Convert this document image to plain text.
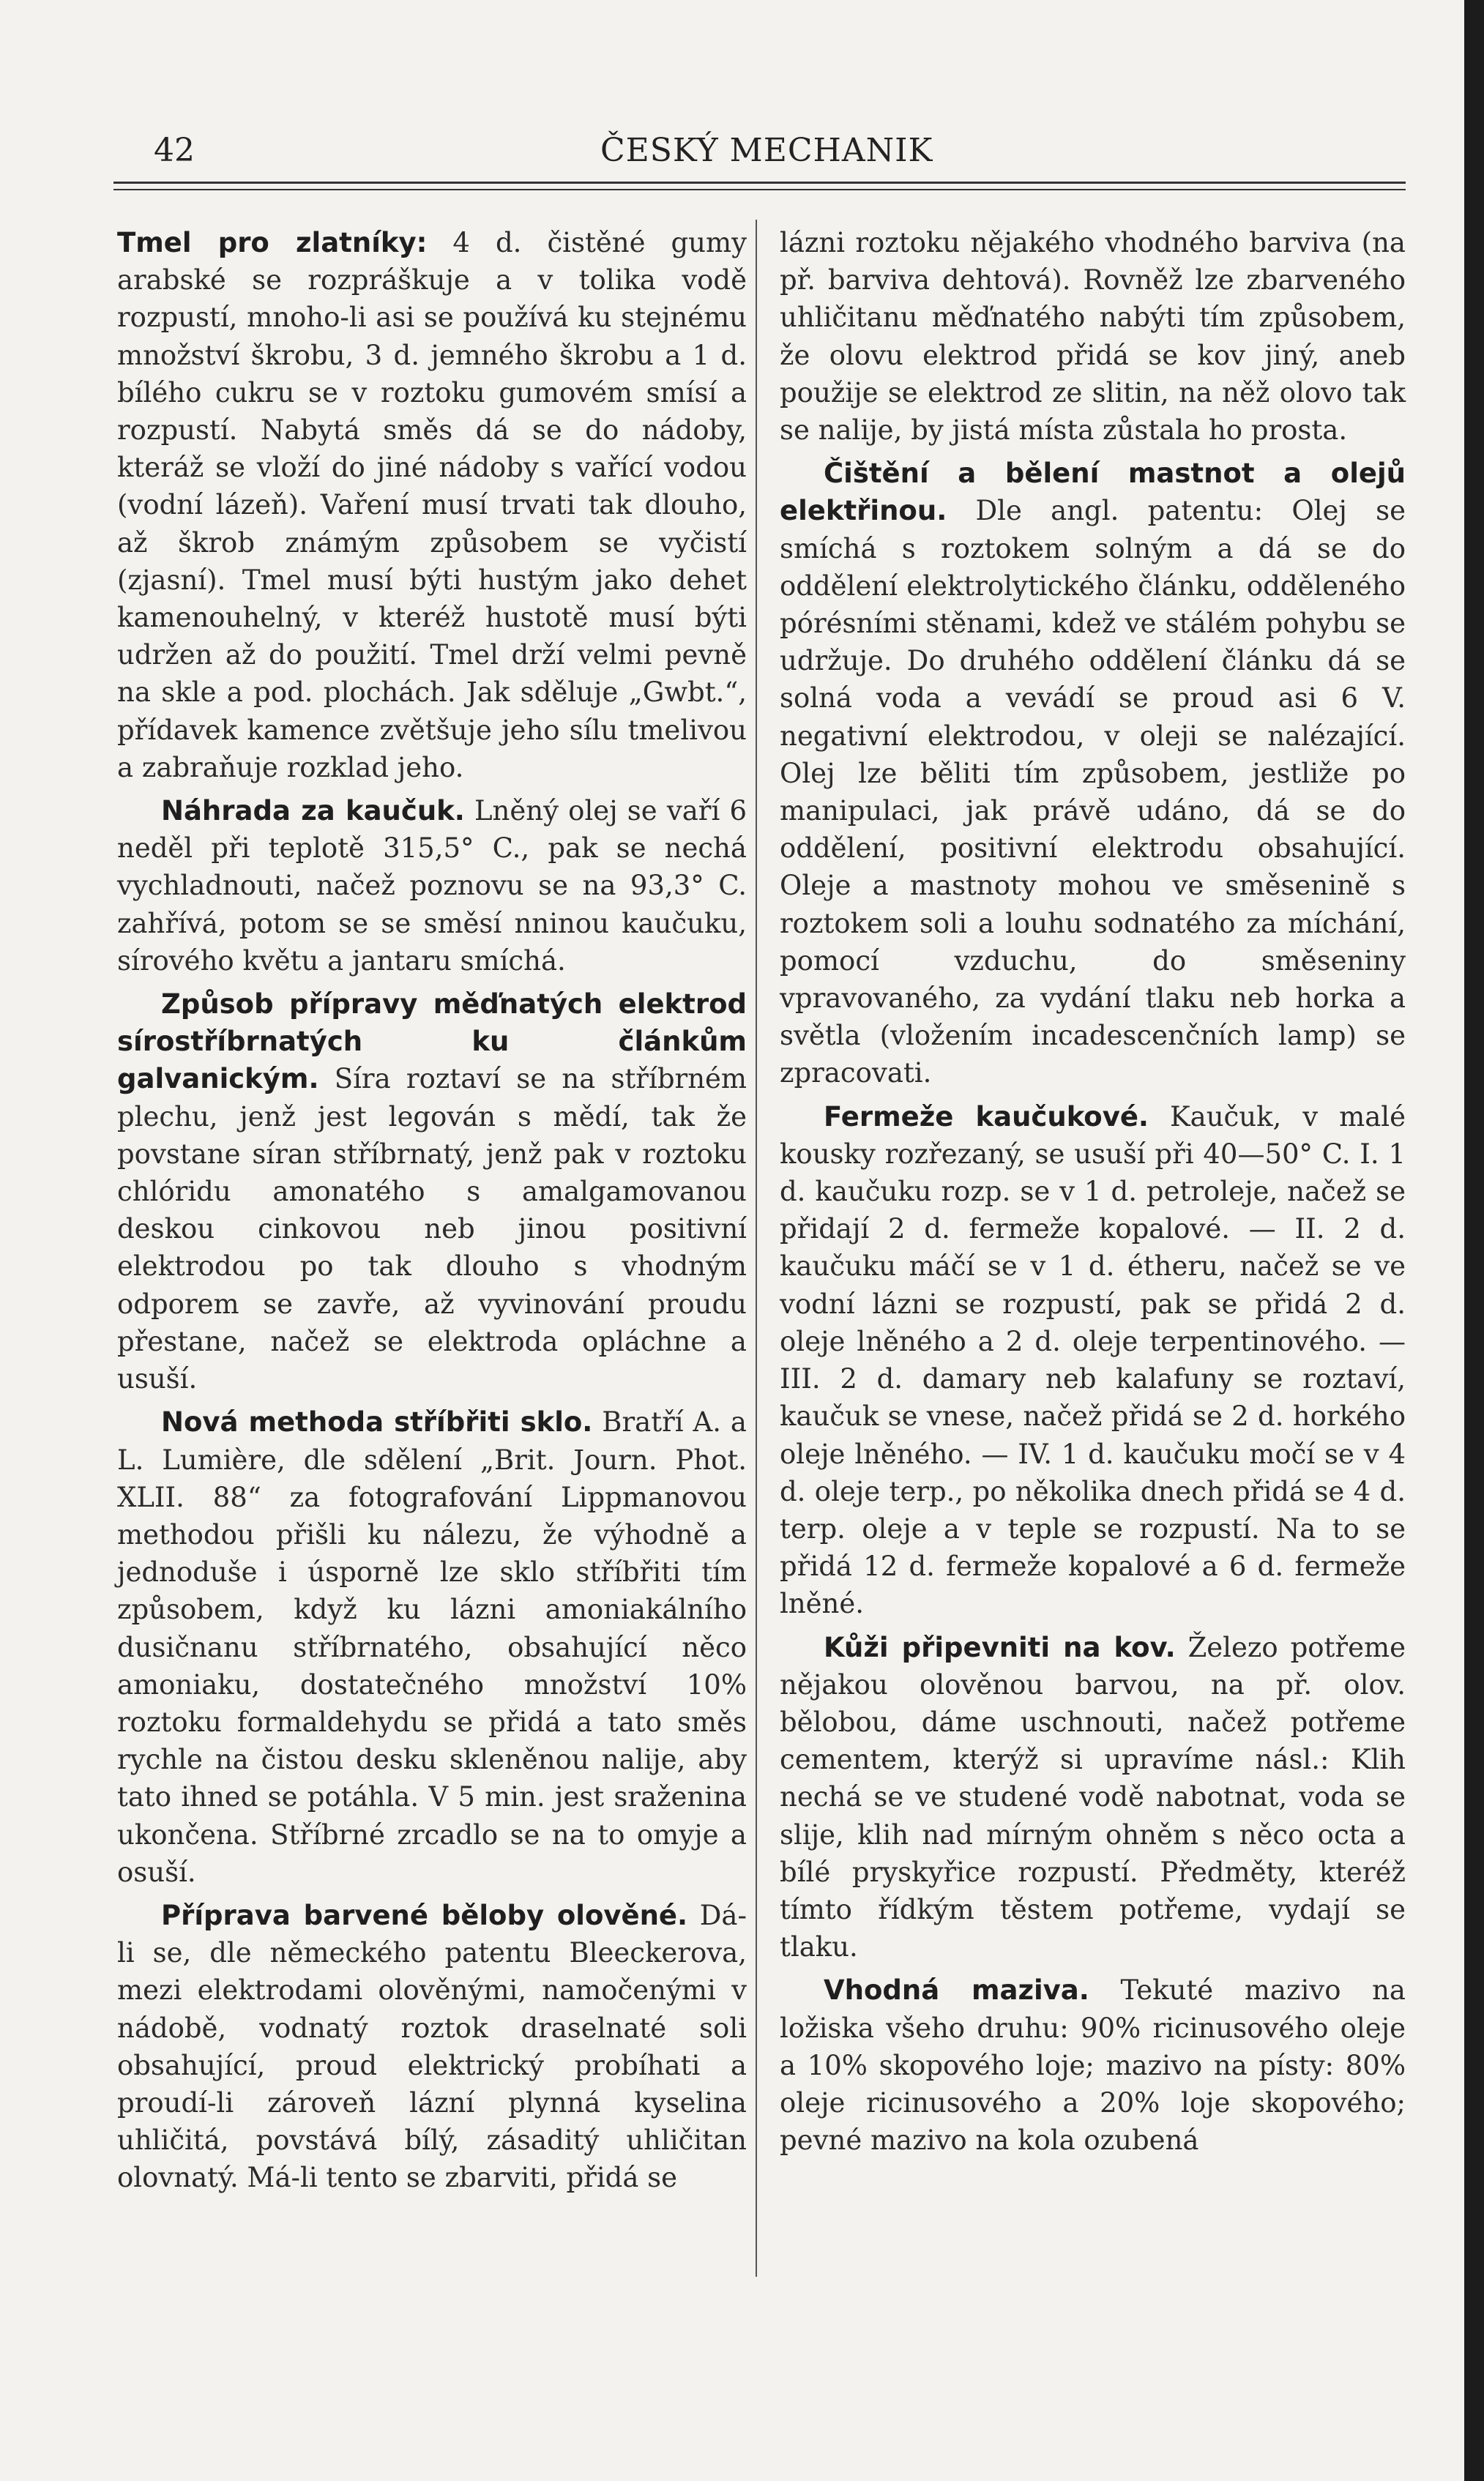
42	ČESKÝ MECHANIK

Tmel pro zlatníky: 4 d. čistěné gumy arabské se rozpráškuje a v tolika vodě rozpustí, mnoho-li asi se používá ku stejnému množství škrobu, 3 d. jemného škrobu a 1 d. bílého cukru se v roztoku gumovém smísí a rozpustí. Nabytá směs dá se do nádoby, kteráž se vloží do jiné nádoby s vařící vodou (vodní lázeň). Vaření musí trvati tak dlouho, až škrob známým způsobem se vyčistí (zjasní). Tmel musí býti hustým jako dehet kamenouhelný, v kteréž hustotě musí býti udržen až do použití. Tmel drží velmi pevně na skle a pod. plochách. Jak sděluje „Gwbt.“, přídavek kamence zvětšuje jeho sílu tmelivou a zabraňuje rozklad jeho.

Náhrada za kaučuk. Lněný olej se vaří 6 neděl při teplotě 315,5° C., pak se nechá vychladnouti, načež poznovu se na 93,3° C. zahřívá, potom se se směsí nninou kaučuku, sírového květu a jantaru smíchá.

Způsob přípravy měďnatých elektrod sírostříbrnatých ku článkům galvanickým. Síra roztaví se na stříbrném plechu, jenž jest legován s mědí, tak že povstane síran stříbrnatý, jenž pak v roztoku chlóridu amonatého s amalgamovanou deskou cinkovou neb jinou positivní elektrodou po tak dlouho s vhodným odporem se zavře, až vyvinování proudu přestane, načež se elektroda opláchne a usuší.

Nová methoda stříbřiti sklo. Bratří A. a L. Lumière, dle sdělení „Brit. Journ. Phot. XLII. 88“ za fotografování Lippmanovou methodou přišli ku nálezu, že výhodně a jednoduše i úsporně lze sklo stříbřiti tím způsobem, když ku lázni amoniakálního dusičnanu stříbrnatého, obsahující něco amoniaku, dostatečného množství 10% roztoku formaldehydu se přidá a tato směs rychle na čistou desku skleněnou nalije, aby tato ihned se potáhla. V 5 min. jest sraženina ukončena. Stříbrné zrcadlo se na to omyje a osuší.

Příprava barvené běloby olověné. Dá-li se, dle německého patentu Bleeckerova, mezi elektrodami olověnými, namočenými v nádobě, vodnatý roztok draselnaté soli obsahující, proud elektrický probíhati a proudí-li zároveň lázní plynná kyselina uhličitá, povstává bílý, zásaditý uhličitan olovnatý. Má-li tento se zbarviti, přidá se

lázni roztoku nějakého vhodného barviva (na př. barviva dehtová). Rovněž lze zbarveného uhličitanu měďnatého nabýti tím způsobem, že olovu elektrod přidá se kov jiný, aneb použije se elektrod ze slitin, na něž olovo tak se nalije, by jistá místa zůstala ho prosta.

Čištění a bělení mastnot a olejů elektřinou. Dle angl. patentu: Olej se smíchá s roztokem solným a dá se do oddělení elektrolytického článku, odděleného pórésními stěnami, kdež ve stálém pohybu se udržuje. Do druhého oddělení článku dá se solná voda a vevádí se proud asi 6 V. negativní elektrodou, v oleji se nalézající. Olej lze běliti tím způsobem, jestliže po manipulaci, jak právě udáno, dá se do oddělení, positivní elektrodu obsahující. Oleje a mastnoty mohou ve směsenině s roztokem soli a louhu sodnatého za míchání, pomocí vzduchu, do směseniny vpravovaného, za vydání tlaku neb horka a světla (vložením incadescenčních lamp) se zpracovati.

Fermeže kaučukové. Kaučuk, v malé kousky rozřezaný, se usuší při 40—50° C. I. 1 d. kaučuku rozp. se v 1 d. petroleje, načež se přidají 2 d. fermeže kopalové. — II. 2 d. kaučuku máčí se v 1 d. étheru, načež se ve vodní lázni se rozpustí, pak se přidá 2 d. oleje lněného a 2 d. oleje terpentinového. — III. 2 d. damary neb kalafuny se roztaví, kaučuk se vnese, načež přidá se 2 d. horkého oleje lněného. — IV. 1 d. kaučuku močí se v 4 d. oleje terp., po několika dnech přidá se 4 d. terp. oleje a v teple se rozpustí. Na to se přidá 12 d. fermeže kopalové a 6 d. fermeže lněné.

Kůži připevniti na kov. Železo potřeme nějakou olověnou barvou, na př. olov. bělobou, dáme uschnouti, načež potřeme cementem, kterýž si upravíme násl.: Klih nechá se ve studené vodě nabotnat, voda se slije, klih nad mírným ohněm s něco octa a bílé pryskyřice rozpustí. Předměty, kteréž tímto řídkým těstem potřeme, vydají se tlaku.

Vhodná maziva. Tekuté mazivo na ložiska všeho druhu: 90% ricinusového oleje a 10% skopového loje; mazivo na písty: 80% oleje ricinusového a 20% loje skopového; pevné mazivo na kola ozubená
